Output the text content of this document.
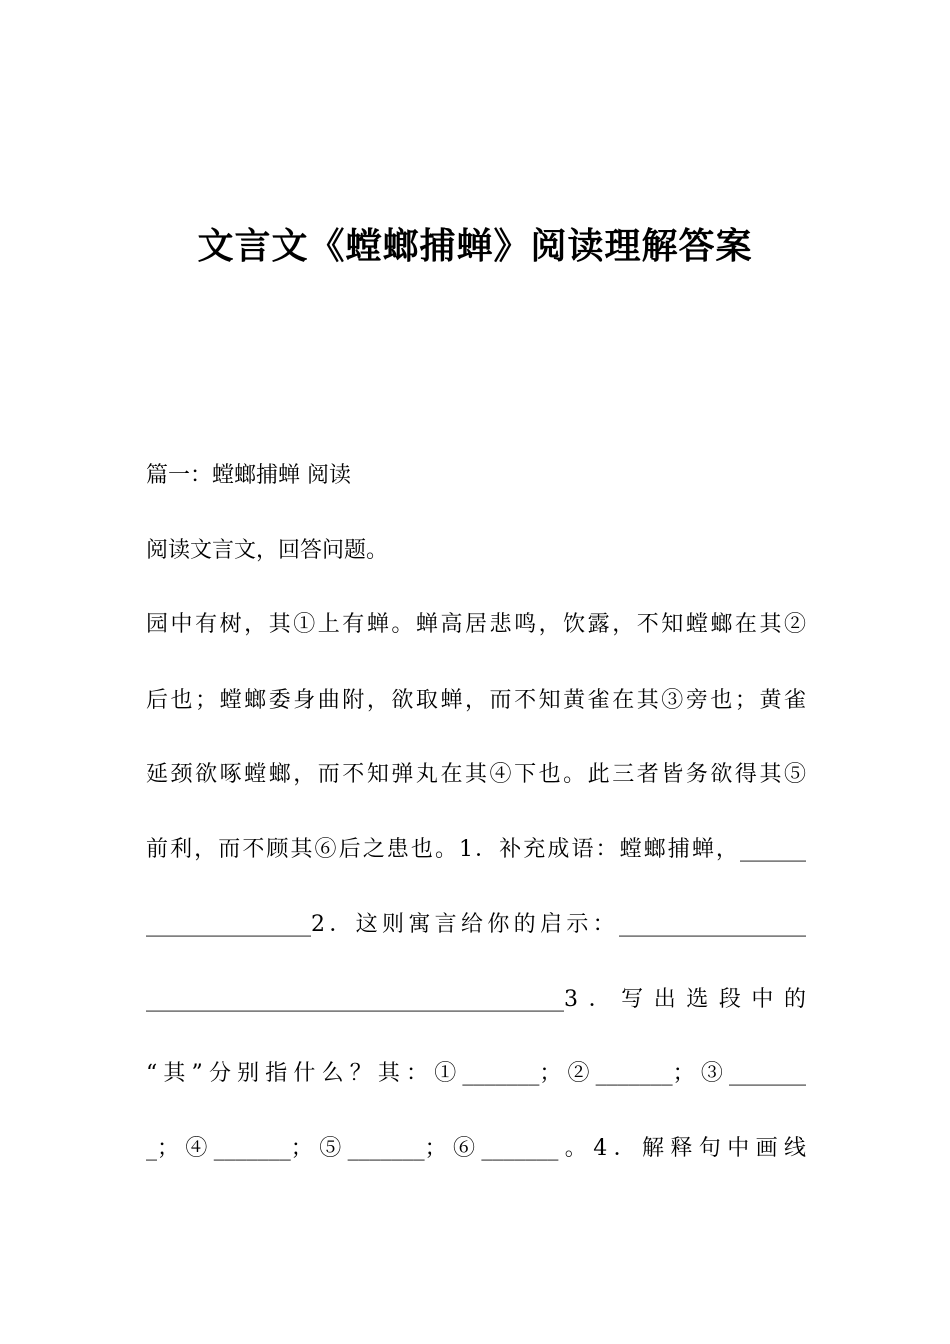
文言文《螳螂捕蝉》阅读理解答案
篇一：螳螂捕蝉 阅读
阅读文言文，回答问题。
园中有树，其①上有蝉。蝉高居悲鸣，饮露，不知螳螂在其②
后也；螳螂委身曲附，欲取蝉，而不知黄雀在其③旁也；黄雀
延颈欲啄螳螂，而不知弹丸在其④下也。此三者皆务欲得其⑤
前利，而不顾其⑥后之患也。1．补充成语：螳螂捕蝉，______
_______________2．这则寓言给你的启示：_________________
______________________________________3．写出选段中的
“其”分别指什么？其：①_______；②_______；③_______
_；④_______；⑤_______；⑥_______。4．解释句中画线
